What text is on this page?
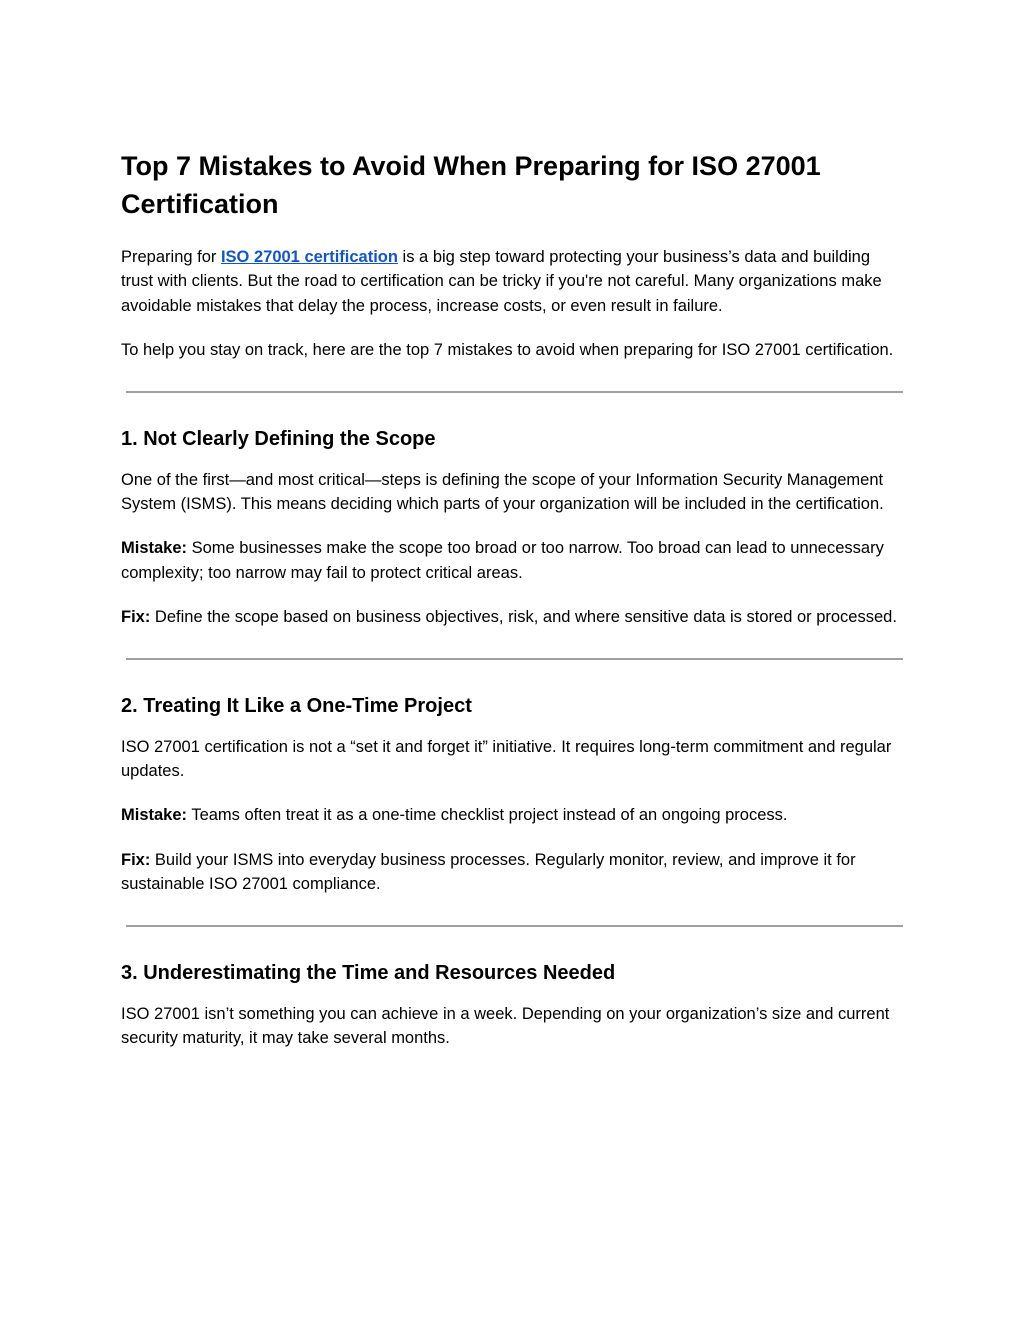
Top 7 Mistakes to Avoid When Preparing for ISO 27001 Certification

Preparing for ISO 27001 certification is a big step toward protecting your business’s data and building trust with clients. But the road to certification can be tricky if you're not careful. Many organizations make avoidable mistakes that delay the process, increase costs, or even result in failure.

To help you stay on track, here are the top 7 mistakes to avoid when preparing for ISO 27001 certification.

1. Not Clearly Defining the Scope

One of the first—and most critical—steps is defining the scope of your Information Security Management System (ISMS). This means deciding which parts of your organization will be included in the certification.

Mistake: Some businesses make the scope too broad or too narrow. Too broad can lead to unnecessary complexity; too narrow may fail to protect critical areas.

Fix: Define the scope based on business objectives, risk, and where sensitive data is stored or processed.

2. Treating It Like a One-Time Project

ISO 27001 certification is not a “set it and forget it” initiative. It requires long-term commitment and regular updates.

Mistake: Teams often treat it as a one-time checklist project instead of an ongoing process.

Fix: Build your ISMS into everyday business processes. Regularly monitor, review, and improve it for sustainable ISO 27001 compliance.

3. Underestimating the Time and Resources Needed

ISO 27001 isn’t something you can achieve in a week. Depending on your organization’s size and current security maturity, it may take several months.
